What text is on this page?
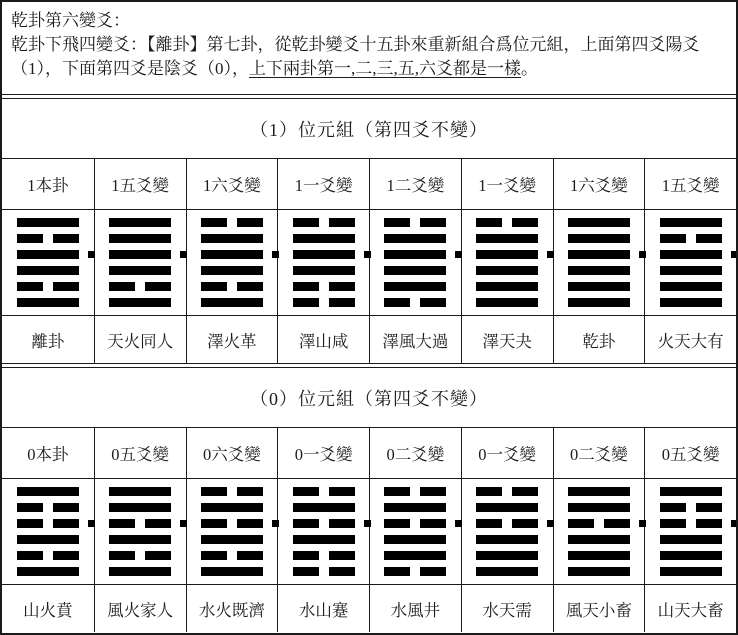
乾卦第六變爻：
乾卦下飛四變爻：【離卦】第七卦，從乾卦變爻十五卦來重新組合爲位元組，上面第四爻陽爻（1），下面第四爻是陰爻（0），上下兩卦第一,二,三,五,六爻都是一樣。
（1）位元組（第四爻不變）
1本卦	1五爻變 1六爻變 1一爻變 1二爻變 1一爻變 1六爻變 1五爻變
離卦	天火同人 澤火革	澤山咸 澤風大過 澤天夬	乾卦	火天大有
（0）位元組（第四爻不變）
0本卦	0五爻變 0六爻變 0一爻變 0二爻變 0一爻變 0二爻變 0五爻變
山火賁 風火家人 水火既濟 水山蹇	水風井	水天需 風天小畜 山天大畜
